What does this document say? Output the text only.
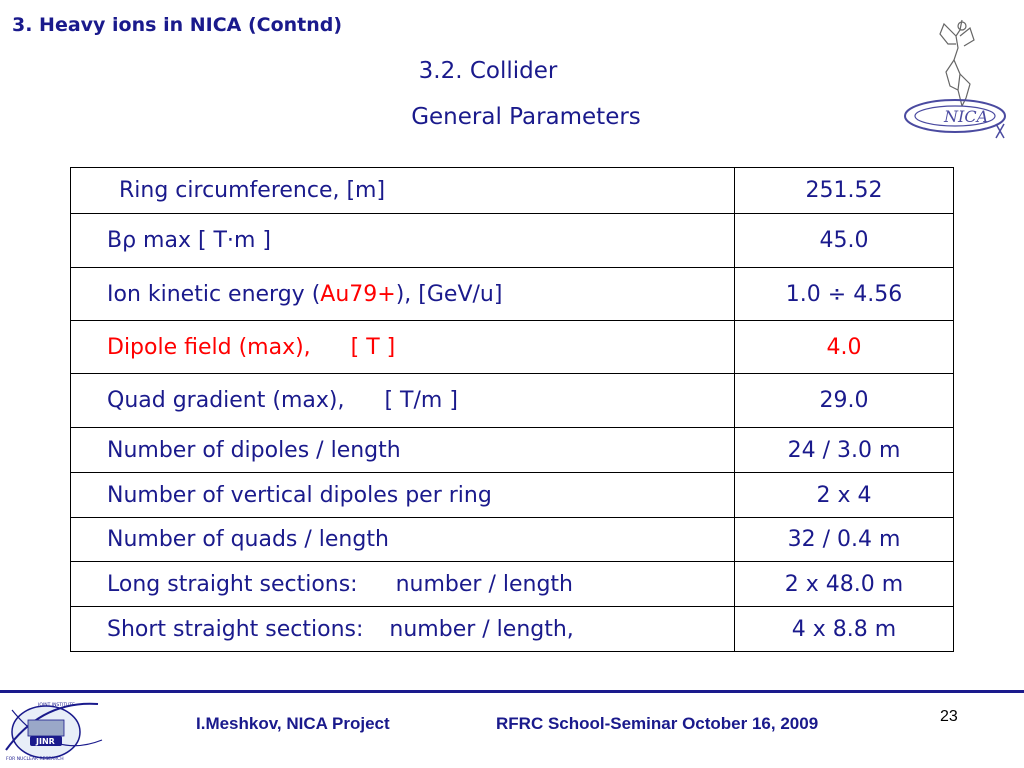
3. Heavy ions in NICA (Contnd)
3.2. Collider
General Parameters	NICA
Ring circumference, [m]	251.52
Bρ max [ T⋅m ]	45.0
Ion kinetic energy (Au79+), [GeV/u]	1.0 ÷ 4.56
Dipole field (max), [ T ]	4.0
Quad gradient (max), [ T/m ]	29.0
Number of dipoles / length	24 / 3.0 m
Number of vertical dipoles per ring	2 x 4
Number of quads / length	32 / 0.4 m
Long straight sections: number / length	2 x 48.0 m
Short straight sections: number / length,	4 x 8.8 m
JINR
JOINT INSTITUTE
FOR NUCLEAR RESEARCH
I.Meshkov, NICA Project	RFRC School-Seminar October 16, 2009	23
